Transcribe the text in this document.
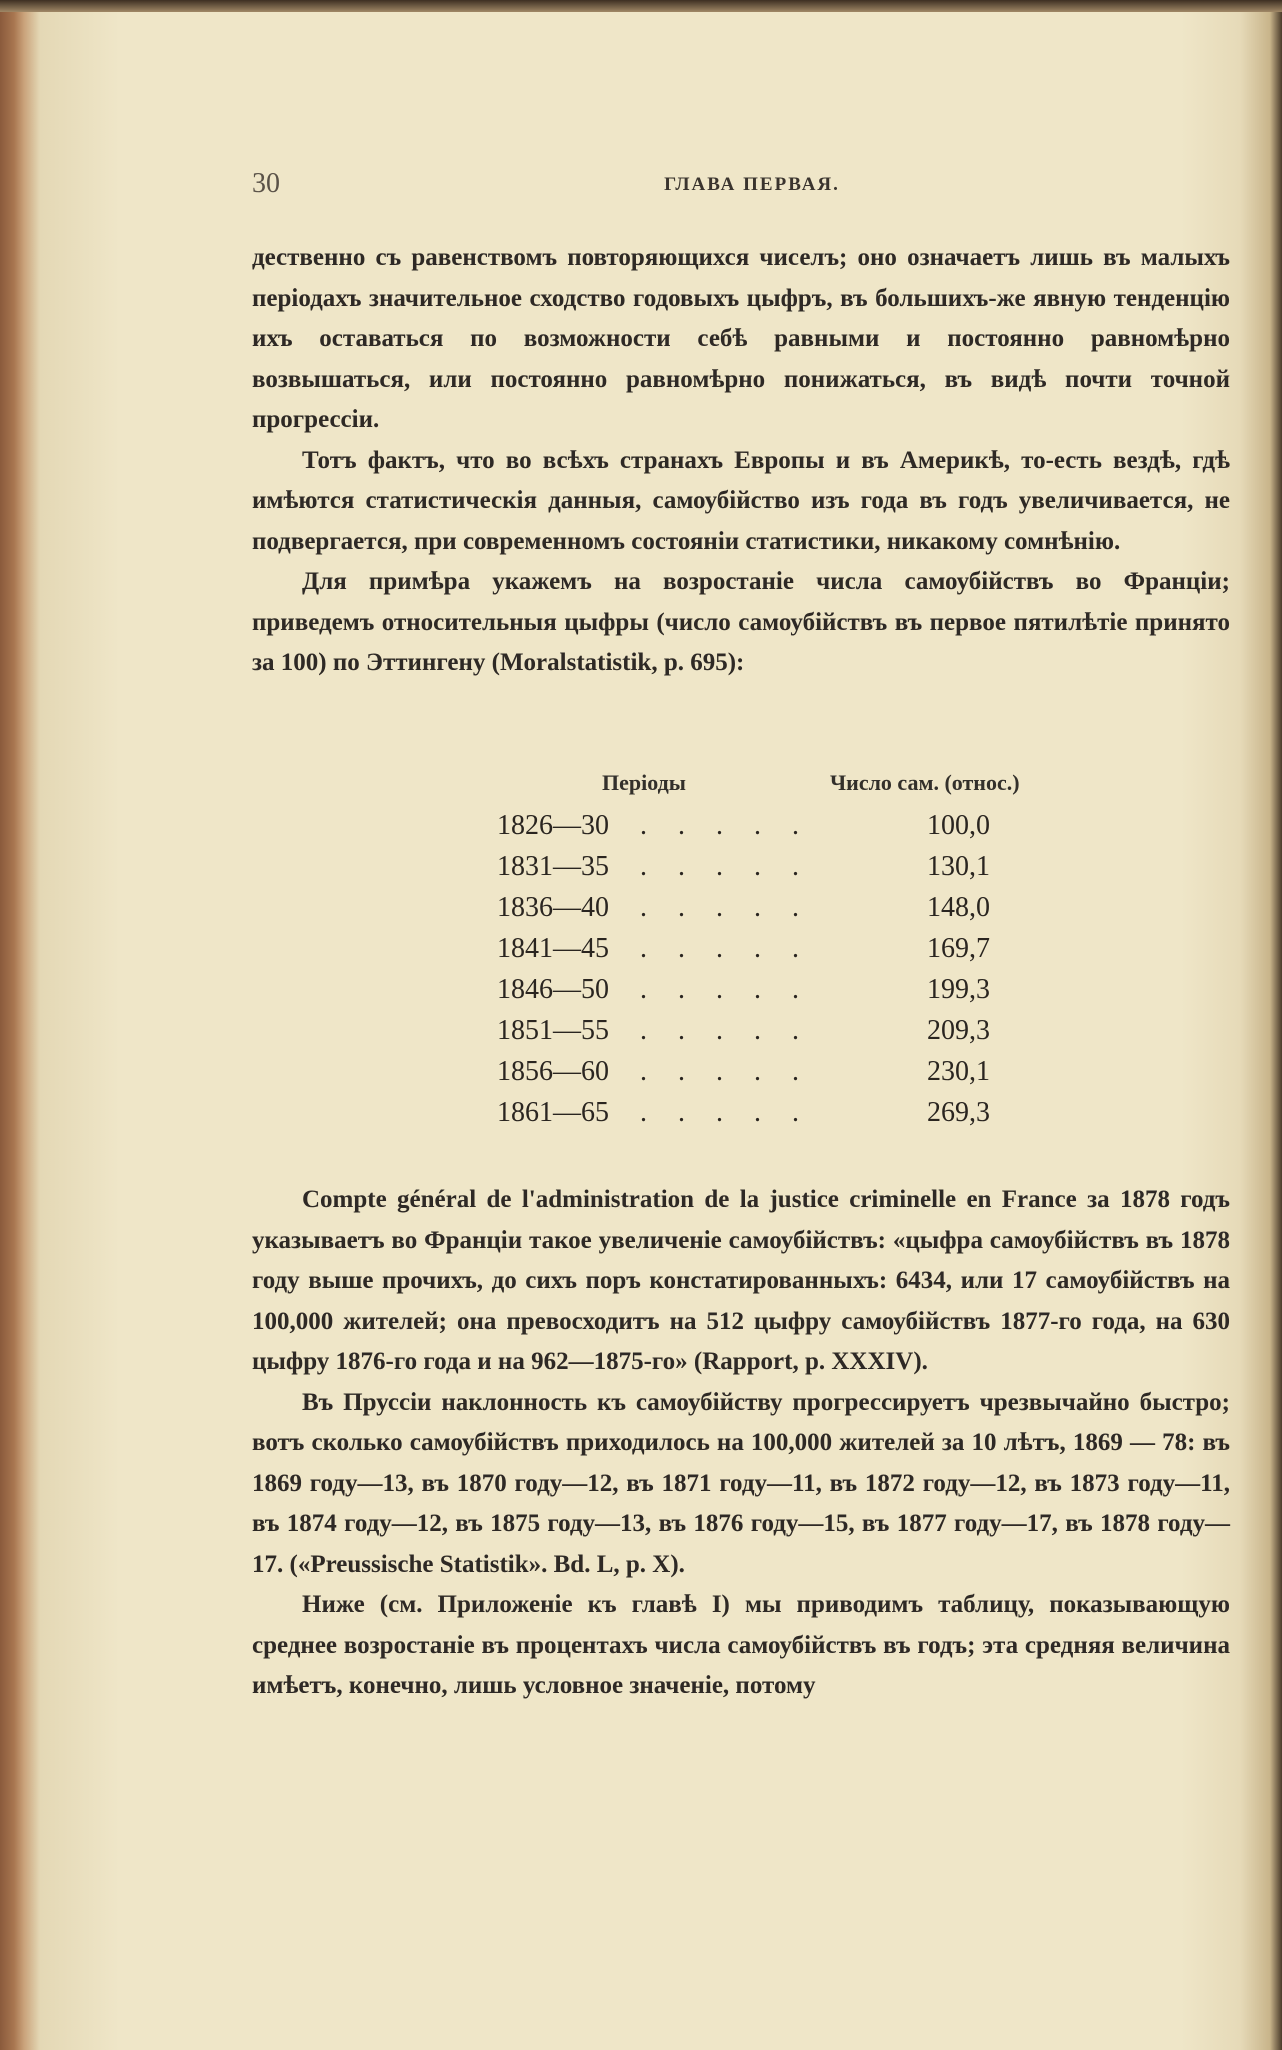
30	ГЛАВА ПЕРВАЯ.

дественно съ равенствомъ повторяющихся чиселъ; оно означаетъ лишь въ малыхъ періодахъ значительное сходство годовыхъ цыфръ, въ большихъ-же явную тенденцію ихъ оставаться по возможности себѣ равными и постоянно равномѣрно возвышаться, или постоянно равномѣрно понижаться, въ видѣ почти точной прогрессіи.

Тотъ фактъ, что во всѣхъ странахъ Европы и въ Америкѣ, то-есть вездѣ, гдѣ имѣются статистическія данныя, самоубійство изъ года въ годъ увеличивается, не подвергается, при современномъ состояніи статистики, никакому сомнѣнію.

Для примѣра укажемъ на возростаніе числа самоубійствъ во Франціи; приведемъ относительныя цыфры (число самоубійствъ въ первое пятилѣтіе принято за 100) по Эттингену (Moralstatistik, p. 695):

Періоды	Число сам. (относ.)
1826—30 . . . . .	100,0
1831—35 . . . . .	130,1
1836—40 . . . . .	148,0
1841—45 . . . . .	169,7
1846—50 . . . . .	199,3
1851—55 . . . . .	209,3
1856—60 . . . . .	230,1
1861—65 . . . . .	269,3

Compte général de l'administration de la justice criminelle en France за 1878 годъ указываетъ во Франціи такое увеличеніе самоубійствъ: «цыфра самоубійствъ въ 1878 году выше прочихъ, до сихъ поръ констатированныхъ: 6434, или 17 самоубійствъ на 100,000 жителей; она превосходитъ на 512 цыфру самоубійствъ 1877-го года, на 630 цыфру 1876-го года и на 962—1875-го» (Rapport, p. XXXIV).

Въ Пруссіи наклонность къ самоубійству прогрессируетъ чрезвычайно быстро; вотъ сколько самоубійствъ приходилось на 100,000 жителей за 10 лѣтъ, 1869 — 78: въ 1869 году—13, въ 1870 году—12, въ 1871 году—11, въ 1872 году—12, въ 1873 году—11, въ 1874 году—12, въ 1875 году—13, въ 1876 году—15, въ 1877 году—17, въ 1878 году—17. («Preussische Statistik». Bd. L, p. X).

Ниже (см. Приложеніе къ главѣ I) мы приводимъ таблицу, показывающую среднее возростаніе въ процентахъ числа самоубійствъ въ годъ; эта средняя величина имѣетъ, конечно, лишь условное значеніе, потому
